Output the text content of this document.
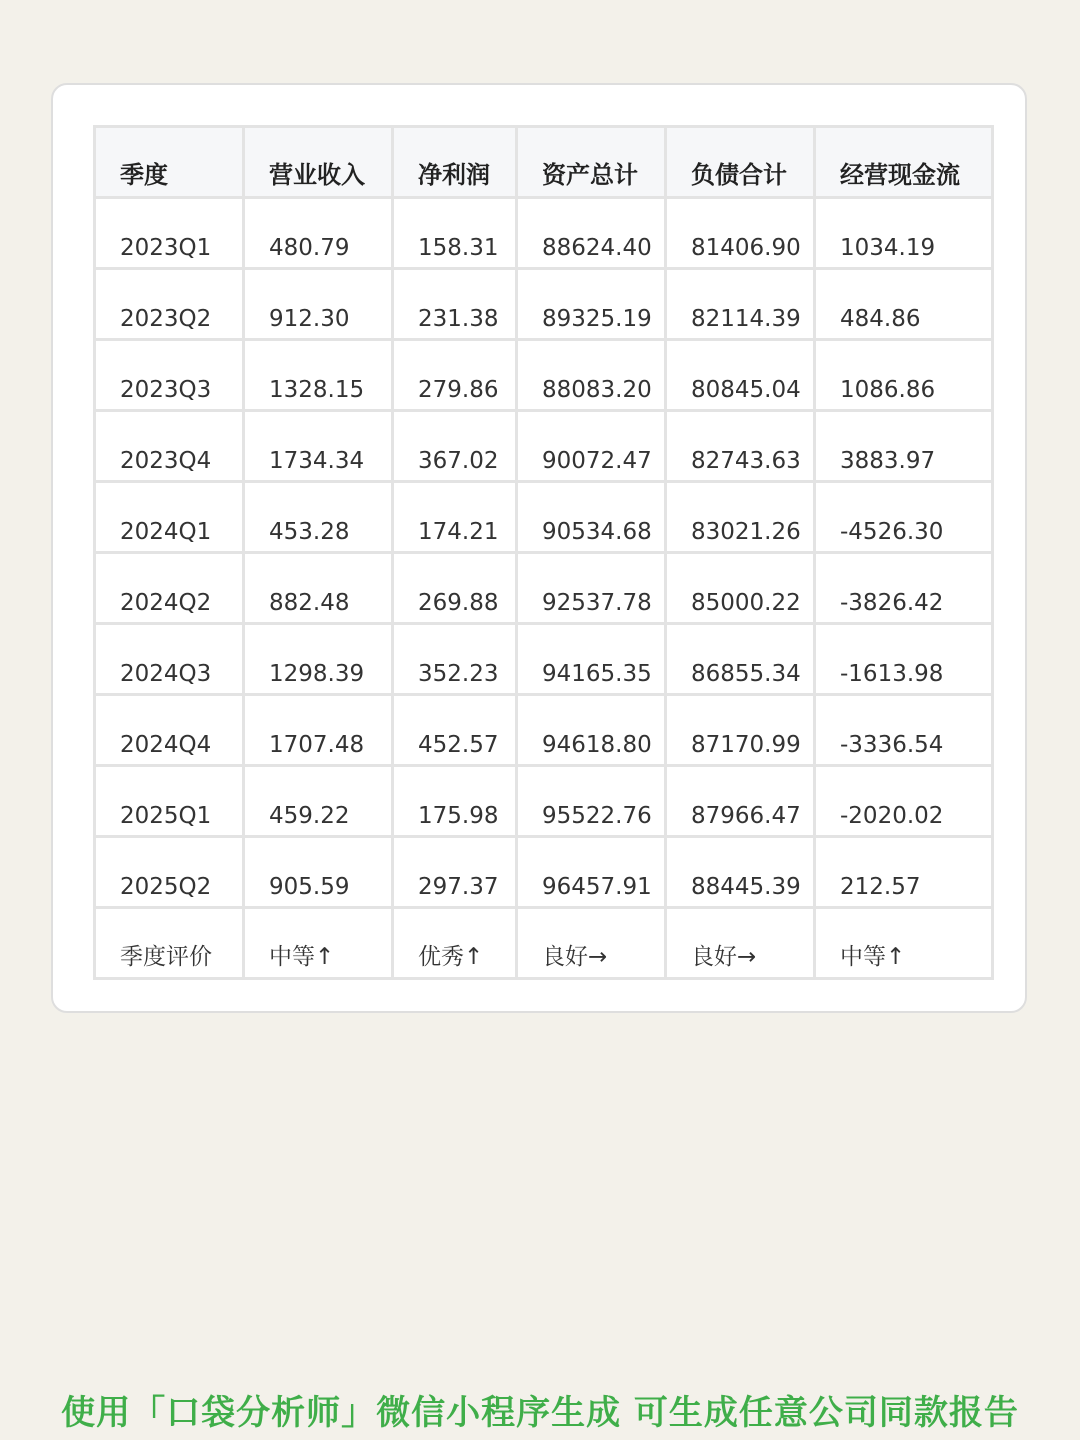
季度	营业收入	净利润	资产总计	负债合计	经营现金流
2023Q1	480.79	158.31	88624.40	81406.90	1034.19
2023Q2	912.30	231.38	89325.19	82114.39	484.86
2023Q3	1328.15	279.86	88083.20	80845.04	1086.86
2023Q4	1734.34	367.02	90072.47	82743.63	3883.97
2024Q1	453.28	174.21	90534.68	83021.26	-4526.30
2024Q2	882.48	269.88	92537.78	85000.22	-3826.42
2024Q3	1298.39	352.23	94165.35	86855.34	-1613.98
2024Q4	1707.48	452.57	94618.80	87170.99	-3336.54
2025Q1	459.22	175.98	95522.76	87966.47	-2020.02
2025Q2	905.59	297.37	96457.91	88445.39	212.57
季度评价	中等↑	优秀↑	良好→	良好→	中等↑
使用「口袋分析师」微信小程序生成 可生成任意公司同款报告
